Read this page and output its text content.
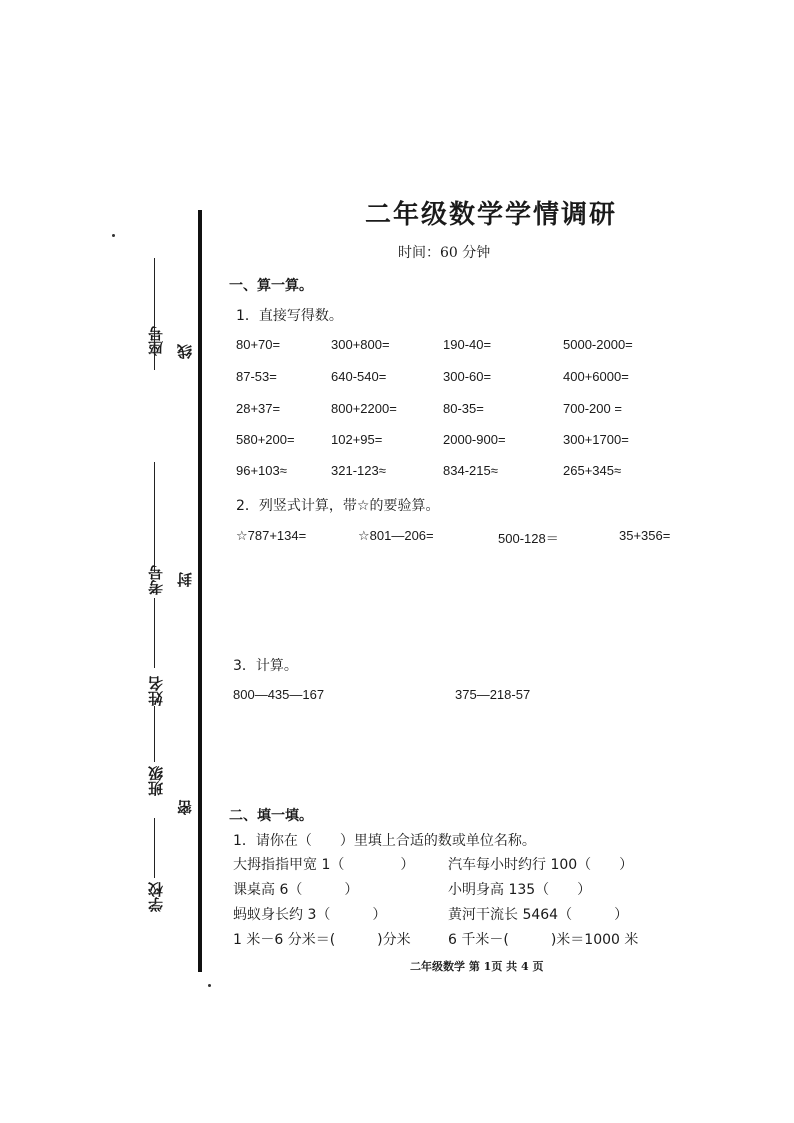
座号 线
考号 封
姓名
班级
密
学校
二年级数学学情调研
时间：60 分钟
一、算一算。
1．直接写得数。
80+70=	300+800=	190-40=	5000-2000=
87-53=	640-540=	300-60=	400+6000=
28+37=	800+2200=	80-35=	700-200 =
580+200=	102+95=	2000-900=	300+1700=
96+103≈	321-123≈	834-215≈	265+345≈
2．列竖式计算，带☆的要验算。
☆787+134=	☆801—206=	500-128＝	35+356=
3．计算。
800—435—167	375—218-57
二、填一填。
1．请你在（　　）里填上合适的数或单位名称。
大拇指指甲宽 1（　　　　） 汽车每小时约行 100（　　）
课桌高 6（　　　）	小明身高 135（　　）
蚂蚁身长约 3（　　　）	黄河干流长 5464（　　　）
1 米－6 分米＝(　　　)分米	6 千米－(　　　)米＝1000 米
二年级数学 第 1页 共 4 页
